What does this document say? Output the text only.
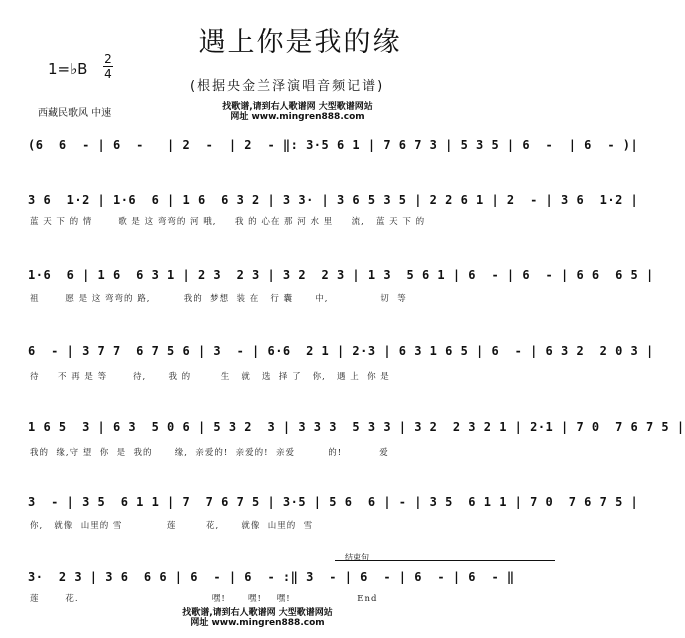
遇上你是我的缘
1=♭B
2
4
(根据央金兰泽演唱音频记谱)
西藏民歌风 中速
找歌谱,请到右人歌谱网 大型歌谱网站
网址 www.mingren888.com
(6  6  - | 6  -   | 2  -  | 2  - ‖: 3·5 6 1 | 7 6 7 3 | 5 3 5 | 6  -  | 6  - )|
3 6  1·2 | 1·6  6 | 1 6  6 3 2 | 3 3· | 3 6 5 3 5 | 2 2 6 1 | 2  - | 3 6  1·2 |
蓝 天 下 的 情       歌 是 这 弯弯的 河 哦,     我 的 心在 那 河 水 里     流,   蓝 天 下 的
1·6  6 | 1 6  6 3 1 | 2 3  2 3 | 3 2  2 3 | 1 3  5 6 1 | 6  - | 6  - | 6 6  6 5 |
祖       愿 是 这 弯弯的 路,         我的  梦想  装 在   行 囊      中,              切  等
6  - | 3 7 7  6 7 5 6 | 3  - | 6·6  2 1 | 2·3 | 6 3 1 6 5 | 6  - | 6 3 2  2 0 3 |
待     不 再 是 等       待,      我 的        生   就   选  择 了   你,   遇 上  你 是
1 6 5  3 | 6 3  5 0 6 | 5 3 2  3 | 3 3 3  5 3 3 | 3 2  2 3 2 1 | 2·1 | 7 0  7 6 7 5 |
我的  缘,守 望  你  是  我的      缘,  亲爱的!  亲爱的!  亲爱         的!          爱
3  - | 3 5  6 1 1 | 7  7 6 7 5 | 3·5 | 5 6  6 | - | 3 5  6 1 1 | 7 0  7 6 7 5 |
你,   就像  山里的 雪            莲        花,      就像  山里的  雪
结束句
3·  2 3 | 3 6  6 6 | 6  - | 6  - :‖ 3  - | 6  - | 6  - | 6  - ‖
莲       花.                                    嘿!      嘿!    嘿!                  End
找歌谱,请到右人歌谱网 大型歌谱网站
网址 www.mingren888.com
